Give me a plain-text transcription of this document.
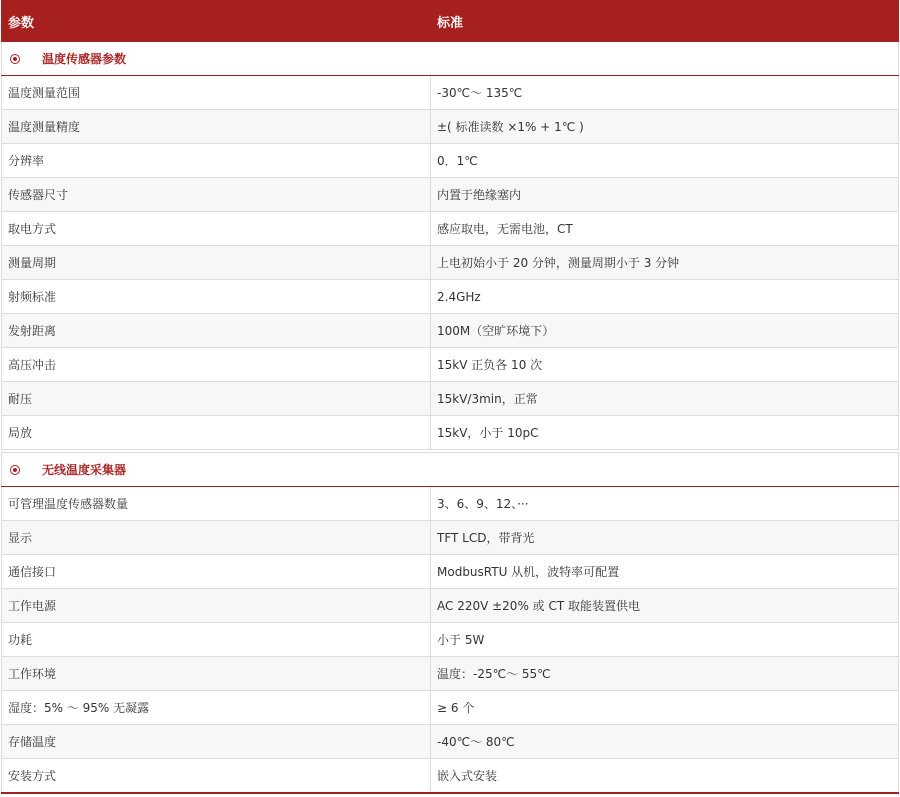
参数	标准
温度传感器参数	
温度测量范围	-30℃～ 135℃
温度测量精度	±( 标准读数 ×1% + 1℃ )
分辨率	0．1℃
传感器尺寸	内置于绝缘塞内
取电方式	感应取电，无需电池，CT
测量周期	上电初始小于 20 分钟，测量周期小于 3 分钟
射频标准	2.4GHz
发射距离	100M（空旷环境下）
高压冲击	15kV 正负各 10 次
耐压	15kV/3min，正常
局放	15kV，小于 10pC
无线温度采集器	
可管理温度传感器数量	3、6、9、12、···
显示	TFT LCD，带背光
通信接口	ModbusRTU 从机，波特率可配置
工作电源	AC 220V ±20% 或 CT 取能装置供电
功耗	小于 5W
工作环境	温度：-25℃～ 55℃
湿度：5% ～ 95% 无凝露	≥ 6 个
存储温度	-40℃～ 80℃
安装方式	嵌入式安装
